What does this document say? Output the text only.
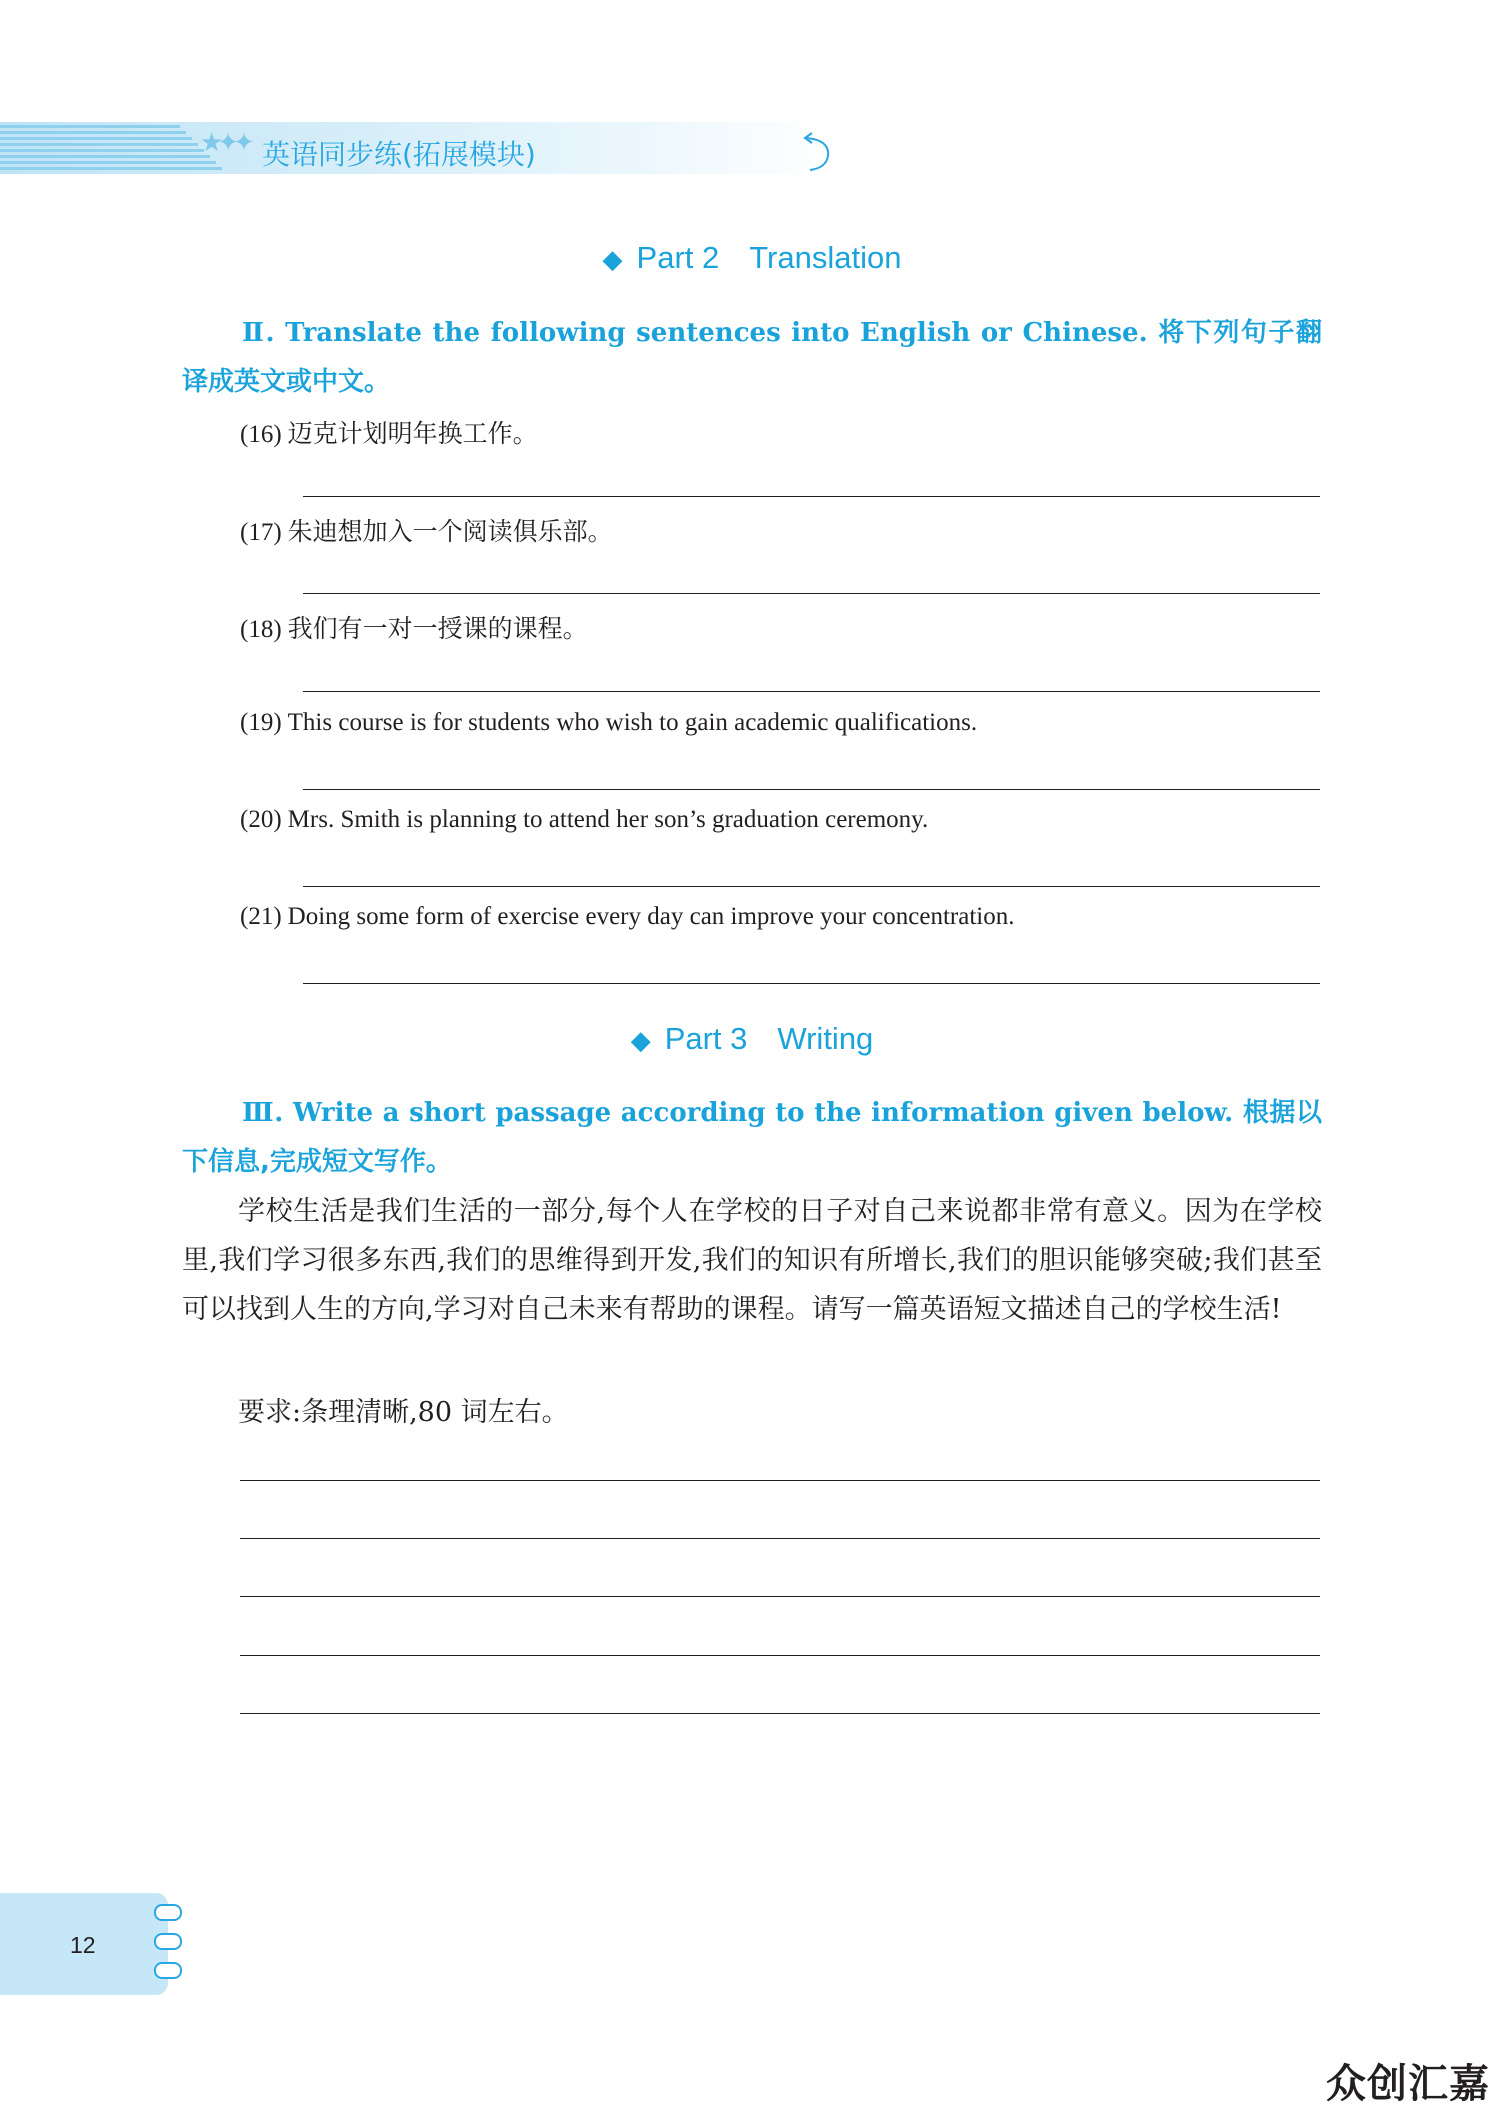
★✦✦ 英语同步练(拓展模块)
◆ Part 2 Translation
Ⅱ. Translate the following sentences into English or Chinese. 将下列句子翻译成英文或中文。
(16) 迈克计划明年换工作。
(17) 朱迪想加入一个阅读俱乐部。
(18) 我们有一对一授课的课程。
(19) This course is for students who wish to gain academic qualifications.
(20) Mrs. Smith is planning to attend her son’s graduation ceremony.
(21) Doing some form of exercise every day can improve your concentration.
◆ Part 3 Writing
Ⅲ. Write a short passage according to the information given below. 根据以下信息,完成短文写作。
学校生活是我们生活的一部分,每个人在学校的日子对自己来说都非常有意义。因为在学校里,我们学习很多东西,我们的思维得到开发,我们的知识有所增长,我们的胆识能够突破;我们甚至可以找到人生的方向,学习对自己未来有帮助的课程。请写一篇英语短文描述自己的学校生活!
要求:条理清晰,80 词左右。
12
众创汇嘉
